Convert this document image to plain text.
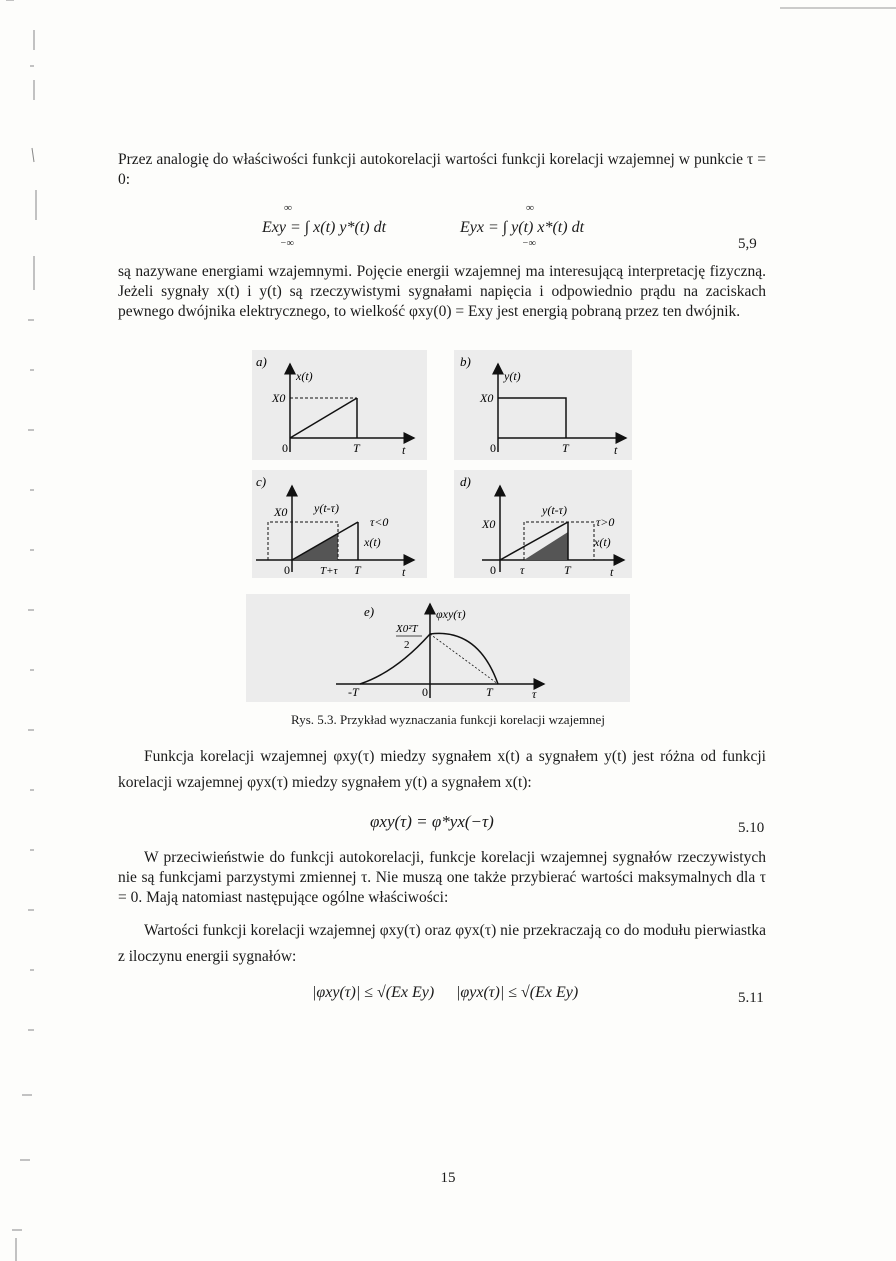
Przez analogię do właściwości funkcji autokorelacji wartości funkcji korelacji wzajemnej w punkcie τ = 0:

∞
−∞
Exy = ∫ x(t) y*(t) dt
∞
−∞
Eyx = ∫ y(t) x*(t) dt
5,9

są nazywane energiami wzajemnymi. Pojęcie energii wzajemnej ma interesującą interpretację fizyczną. Jeżeli sygnały x(t) i y(t) są rzeczywistymi sygnałami napięcia i odpowiednio prądu na zaciskach pewnego dwójnika elektrycznego, to wielkość φxy(0) = Exy jest energią pobraną przez ten dwójnik.

a)
x(t)
X0
0	T	t
b)
y(t)
X0
0	T	t
c)
y(t-τ)
X0
τ<0
x(t)
0	T+τ T	t
d)
y(t-τ)
X0	τ>0
x(t)
0 τ	T	t
e)	φxy(τ)
X0²T
2
-T	0	T	τ
Rys. 5.3. Przykład wyznaczania funkcji korelacji wzajemnej

Funkcja korelacji wzajemnej φxy(τ) miedzy sygnałem x(t) a sygnałem y(t) jest różna od funkcji korelacji wzajemnej φyx(τ) miedzy sygnałem y(t) a sygnałem x(t):

φxy(τ) = φ*yx(−τ)	5.10

W przeciwieństwie do funkcji autokorelacji, funkcje korelacji wzajemnej sygnałów rzeczywistych nie są funkcjami parzystymi zmiennej τ. Nie muszą one także przybierać wartości maksymalnych dla τ = 0. Mają natomiast następujące ogólne właściwości:

Wartości funkcji korelacji wzajemnej φxy(τ) oraz φyx(τ) nie przekraczają co do modułu pierwiastka z iloczynu energii sygnałów:

|φxy(τ)| ≤ √(Ex Ey) |φyx(τ)| ≤ √(Ex Ey)	5.11
15
